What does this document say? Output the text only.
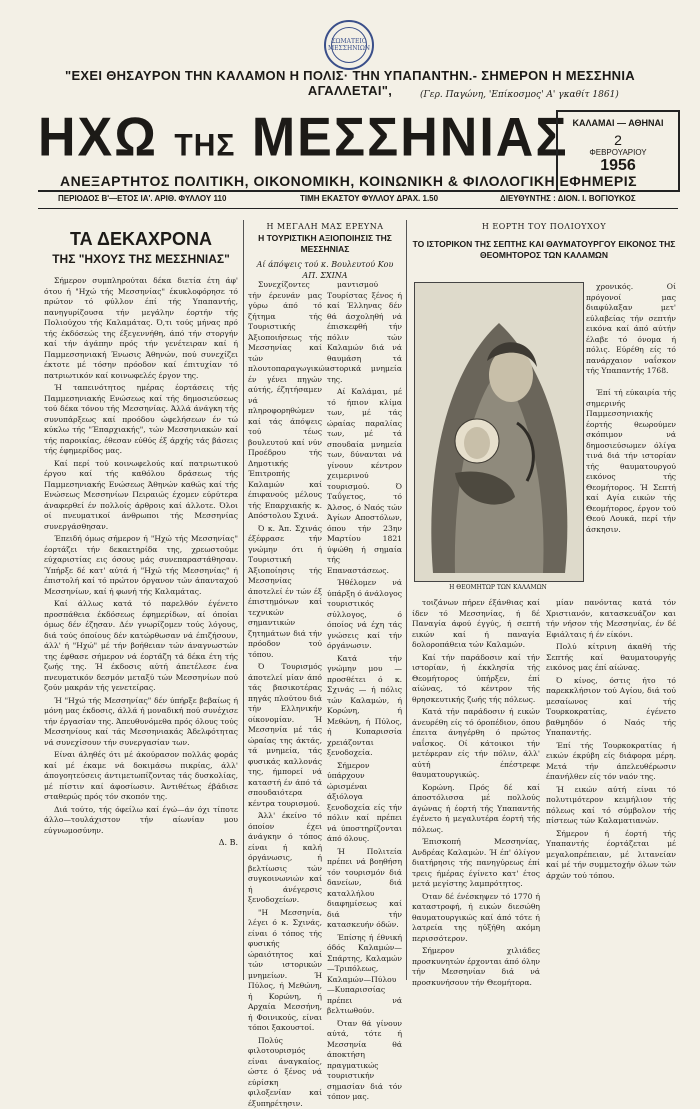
ΣΩΜΑΤΕΙΟ ΜΕΣΣΗΝΙΩΝ
"ΕΧΕΙ ΘΗΣΑΥΡΟΝ ΤΗΝ ΚΑΛΑΜΟΝ Η ΠΟΛΙΣ· ΤΗΝ ΥΠΑΠΑΝΤΗΝ.- ΣΗΜΕΡΟΝ Η ΜΕΣΣΗΝΙΑ ΑΓΑΛΛΕΤΑΙ",	(Γερ. Παγώνη, 'Επίκοσμος' Α' γκαθίτ 1861)
ΗΧΩ ΤΗΣ ΜΕΣΣΗΝΙΑΣ ΚΑΛΑΜΑΙ — ΑΘΗΝΑΙ
2
ΦΕΒΡΟΥΑΡΙΟΥ
1956
ΑΝΕΞΑΡΤΗΤΟΣ ΠΟΛΙΤΙΚΗ, ΟΙΚΟΝΟΜΙΚΗ, ΚΟΙΝΩΝΙΚΗ & ΦΙΛΟΛΟΓΙΚΗ ΕΦΗΜΕΡΙΣ
ΠΕΡΙΟΔΟΣ Β'—ΕΤΟΣ ΙΑ'. ΑΡΙΘ. ΦΥΛΛΟΥ 110	ΤΙΜΗ ΕΚΑΣΤΟΥ ΦΥΛΛΟΥ ΔΡΑΧ. 1.50	ΔΙΕΥΘΥΝΤΗΣ : ΔΙΟΝ. Ι. ΒΟΓΙΟΥΚΟΣ
ΤΑ ΔΕΚΑΧΡΟΝΑ
ΤΗΣ "ΗΧΟΥΣ ΤΗΣ ΜΕΣΣΗΝΙΑΣ"

Σήμερον συμπληρούται δέκα διετία έτη άφ' ότου ή "Ηχώ τής Μεσσηνίας" έκυκλοφόρησε τό πρώτον τό φύλλον έπί τής Υπαπαντής, πανηγυρίζουσα τήν μεγάλην έορτήν τής Πολιούχου τής Καλαμάτας. Ό,τι τούς μήνας πρό τής έκδόσεώς της έξεγεννήθη, άπό τήν στοργήν καί τήν άγάπην πρός τήν γενέτειραν καί ή Παμμεσσηνιακή Ένωσις Άθηνών, πού συνεχίζει έκτοτε μέ τόσην πρόοδον καί έπιτυχίαν τό πατριωτικόν καί κοινωφελές έργον της.

Ή ταπεινότητος ημέρας έορτάσεις τής Παμμεσηνιακής Ενώσεως καί τής δημοσιεύσεως τού δέκα τόνου τής Μεσσηνίας. Άλλά άνάγκη τής συνυπάρξεως καί προόδου ώφελήσεων έν τώ κύκλω τής "Έπαρχιακής", τών Μεσσηνιακών καί τής παροικίας, έθεσαν εύθύς έξ άρχής τάς βάσεις τής έφημερίδος μας.

Καί περί τού κοινωφελούς καί πατριωτικού έργου καί τής καθόλου δράσεως τής Παμμεσηνιακής Ενώσεως Άθηνών καθώς καί τής Ενώσεως Μεσσηνίων Πειραιώς έχομεν εύρύτερα άναφερθεί έν πολλοίς άρθροις καί άλλοτε. Όλοι οί πνευματικοί άνθρωποι τής Μεσσηνίας συνεργάσθησαν.

Έπειδή όμως σήμερον ή "Ηχώ τής Μεσσηνίας" έορτάζει τήν δεκαετηρίδα της, χρεωστούμε εύχαριστίας εις όσους μάς συνεπαραστάθησαν. Ύπήρξε δέ κατ' αύτά ή "Ηχώ τής Μεσσηνίας" ή έπιστολή καί τό πρώτον όργανον τών άπανταχού Μεσσηνίων, καί ή φωνή τής Καλαμάτας.

Καί άλλως κατά τό παρελθόν έγένετο προσπάθεια έκδόσεως έφημερίδων, αί όποίαι όμως δέν έζησαν. Δέν γνωρίζομεν τούς λόγους, διά τούς όποίους δέν κατώρθωσαν νά έπιζήσουν, άλλ' ή "Ηχώ" μέ τήν βοήθειαν τών άναγνωστών της έφθασε σήμερον νά έορτάζη τά δέκα έτη τής ζωής της. Ή έκδοσις αύτή άπετέλεσε ένα πνευματικόν δεσμόν μεταξύ τών Μεσσηνίων πού ζούν μακράν τής γενετείρας.

Ή "Ηχώ τής Μεσσηνίας" δέν ύπήρξε βεβαίως ή μόνη μας έκδοσις, άλλά ή μοναδική πού συνέχισε τήν έργασίαν της. Άπευθυνόμεθα πρός όλους τούς Μεσσηνίους καί τάς Μεσσηνιακάς Άδελφότητας νά συνεχίσουν τήν συνεργασίαν των.

Είναι άληθές ότι μέ άκούρασον πολλάς φοράς καί μέ έκαμε νά δοκιμάσω πικρίας, άλλ' άπογοητεύσεις άντιμετωπίζοντας τάς δυσκολίας, μέ πίστιν καί άφοσίωσιν. Άντιθέτως έβάδισε σταθερώς πρός τόν σκοπόν της.

Διά τούτο, τής όφείλω καί έγώ—άν όχι τίποτε άλλο—τουλάχιστον τήν αίωνίαν μου εύγνωμοσύνην.

Δ. Β.
Η ΜΕΓΑΛΗ ΜΑΣ ΕΡΕΥΝΑ
Η ΤΟΥΡΙΣΤΙΚΗ ΑΞΙΟΠΟΙΗΣΙΣ ΤΗΣ ΜΕΣΣΗΝΙΑΣ
Αί άπόψεις τού κ. Βουλευτού Κου ΑΠ. ΣΧΙΝΑ

Συνεχίζοντες τήν έρευνάν μας γύρω άπό τό ζήτημα τής Τουριστικής Άξιοποιήσεως τής Μεσσηνίας καί τών πλουτοπαραγωγικών έν γένει πηγών αύτής, έζητήσαμεν νά πληροφορηθώμεν καί τάς άπόψεις τού τέως βουλευτού καί νύν Προέδρου τής Δημοτικής Έπιτροπής Καλαμών καί έπιφανούς μέλους τής Επαρχιακής κ. Απόστολου Σχινά.

Ό κ. Άπ. Σχινάς έξέφρασε τήν γνώμην ότι ή Τουριστική Άξιοποίησις τής Μεσσηνίας άποτελεί έν τών έξ έπιστημόνων καί τεχνικών σημαντικών ζητημάτων διά τήν πρόοδον τού τόπου.

Ό Τουρισμός άποτελεί μίαν άπό τάς βασικοτέρας πηγάς πλούτου διά τήν Ελληνικήν οίκονομίαν. Ή Μεσσηνία μέ τάς ώραίας της άκτάς, τά μνημεία, τάς φυσικάς καλλονάς της, ήμπορεί νά καταστή έν άπό τά σπουδαιότερα κέντρα τουρισμού.

Άλλ' έκείνο τό όποίον έχει άνάγκην ό τόπος είναι ή καλή όργάνωσις, ή βελτίωσις τών συγκοινωνιών καί ή άνέγερσις ξενοδοχείων.

"Η Μεσσηνία, λέγει ό κ. Σχινάς, είναι ό τόπος τής φυσικής ώραιότητος καί τών ιστορικών μνημείων. Ή Πύλος, ή Μεθώνη, ή Κορώνη, ή Αρχαία Μεσσήνη, ή Φοινικούς, είναι τόποι ξακουστοί.

Πολύς φιλοτουρισμός είναι άναγκαίος, ώστε ό ξένος νά εύρίσκη φιλοξενίαν καί έξυπηρέτησιν.

μαντισμού Τουρίστας ξένος ή καί Έλληνας δέν θά άσχοληθή νά έπισκεφθή τήν πόλιν τών Καλαμών διά νά θαυμάση τά ιστορικά μνημεία της.

Αί Καλάμαι, μέ τό ήπιον κλίμα των, μέ τάς ώραίας παραλίας των, μέ τά σπουδαία μνημεία των, δύνανται νά γίνουν κέντρον χειμερινού τουρισμού. Ό Ταΰγετος, τό Άλσος, ό Ναός τών Άγίων Αποστόλων, όπου τήν 23ην Μαρτίου 1821 ύψώθη ή σημαία τής Επαναστάσεως.

Ήθέλομεν νά ύπάρξη ό άνάλογος τουριστικός σύλλογος, ό όποίος νά έχη τάς γνώσεις καί τήν όργάνωσιν.

Κατά τήν γνώμην μου — προσθέτει ό κ. Σχινάς — ή πόλις τών Καλαμών, ή Κορώνη, ή Μεθώνη, ή Πύλος, ή Κυπαρισσία χρειάζονται ξενοδοχεία.

Σήμερον ύπάρχουν ώρισμέναι άξιόλογα ξενοδοχεία είς τήν πόλιν καί πρέπει νά ύποστηρίζονται άπό όλους.

Ή Πολιτεία πρέπει νά βοηθήση τόν τουρισμόν διά δανείων, διά καταλλήλου διαφημίσεως καί διά τήν κατασκευήν όδών.

Έπίσης ή έθνική όδός Καλαμών—Σπάρτης, Καλαμών—Τριπόλεως, Καλαμών—Πύλου—Κυπαρισσίας πρέπει νά βελτιωθούν.

Όταν θά γίνουν αύτά, τότε ή Μεσσηνία θά άποκτήση πραγματικώς τουριστικήν σημασίαν διά τόν τόπον μας.

Η ΕΟΡΤΗ ΤΟΥ ΠΟΛΙΟΥΧΟΥ
ΤΟ ΙΣΤΟΡΙΚΟΝ ΤΗΣ ΣΕΠΤΗΣ ΚΑΙ ΘΑΥΜΑΤΟΥΡΓΟΥ ΕΙΚΟΝΟΣ ΤΗΣ ΘΕΟΜΗΤΟΡΟΣ ΤΩΝ ΚΑΛΑΜΩΝ

χρονικός. Οί πρόγονοί μας διαφύλαξαν μετ' εύλαβείας τήν σεπτήν εικόνα καί άπό αύτήν έλαβε τό όνομα ή πόλις. Εύρέθη είς τό πανάρχαιον ναΐσκον τής Υπαπαντής 1768.

Η ΘΕΟΜΗΤΩΡ ΤΩΝ ΚΑΛΑΜΩΝ

Έπί τή εύκαιρία τής σημερινής Παμμεσσηνιακής έορτής θεωρούμεν σκόπιμον νά δημοσιεύσωμεν όλίγα τινά διά τήν ιστορίαν τής θαυματουργού εικόνος τής Θεομήτορος. Ή Σεπτή καί Αγία εικών τής Θεομήτορος, έργον τού Θεού Λουκά, περί τήν άσκησιν.

τοιζάνων πήρεν έξάνθιας καί ίδεν τό Μεσσηνίας, ή δέ Παναγία άφού έγγύς, ή σεπτή εικών καί ή παναγία δολοροπάθεια τών Καλαμών.

Καί τήν παράδοσιν καί τήν ιστορίαν, ή έκκλησία τής Θεομήτορος ύπήρξεν, έπί αίώνας, τό κέντρον τής θρησκευτικής ζωής τής πόλεως.

Κατά τήν παράδοσιν ή εικών άνευρέθη είς τό όροπέδιον, όπου έπειτα άνηγέρθη ό πρώτος ναΐσκος. Οί κάτοικοι τήν μετέφεραν είς τήν πόλιν, άλλ' αύτή έπέστρεφε θαυματουργικώς.

Κορώνη. Πρός δέ καί άποστόλισσα μέ πολλούς άγώνας ή έορτή τής Υπαπαντής έγένετο ή μεγαλυτέρα έορτή τής πόλεως.

Έπισκοπή Μεσσηνίας, Ανδρέας Καλαμών. Ή έπ' όλίγον διατήρησις τής πανηγύρεως έπί τρεις ήμέρας έγίνετο κατ' έτος μετά μεγίστης λαμπρότητος.

Όταν δέ ένέσκηψεν τό 1770 ή καταστροφή, ή εικών διεσώθη θαυματουργικώς καί άπό τότε ή λατρεία της ηύξήθη ακόμη περισσότερον.

Σήμερον χιλιάδες προσκυνητών έρχονται άπό όλην τήν Μεσσηνίαν διά νά προσκυνήσουν τήν Θεομήτορα.

μίαν πανόντας κατά τόν Χριστιανόν, κατασκευάζον και τήν νήσον τής Μεσσηνίας, έν δέ Εφιάλταις ή έν είκόνι.

Πολύ κίτρινη άκαθή τής Σεπτής καί θαυματουργής εικόνος μας έπί αίώνας.

Ό κίνος, όστις ήτο τό παρεκκλήσιον τού Αγίου, διά τού μεσαίωνος καί τής Τουρκοκρατίας, έγένετο βαθμηδόν ό Ναός τής Υπαπαντής.

Έπί τής Τουρκοκρατίας ή εικών έκρύβη είς διάφορα μέρη. Μετά τήν άπελευθέρωσιν έπανήλθεν είς τόν ναόν της.

Ή εικών αύτή είναι τό πολυτιμότερον κειμήλιον τής πόλεως καί τό σύμβολον τής πίστεως τών Καλαματιανών.

Σήμερον ή έορτή τής Υπαπαντής έορτάζεται μέ μεγαλοπρέπειαν, μέ λιτανείαν καί μέ τήν συμμετοχήν όλων τών άρχών τού τόπου.
